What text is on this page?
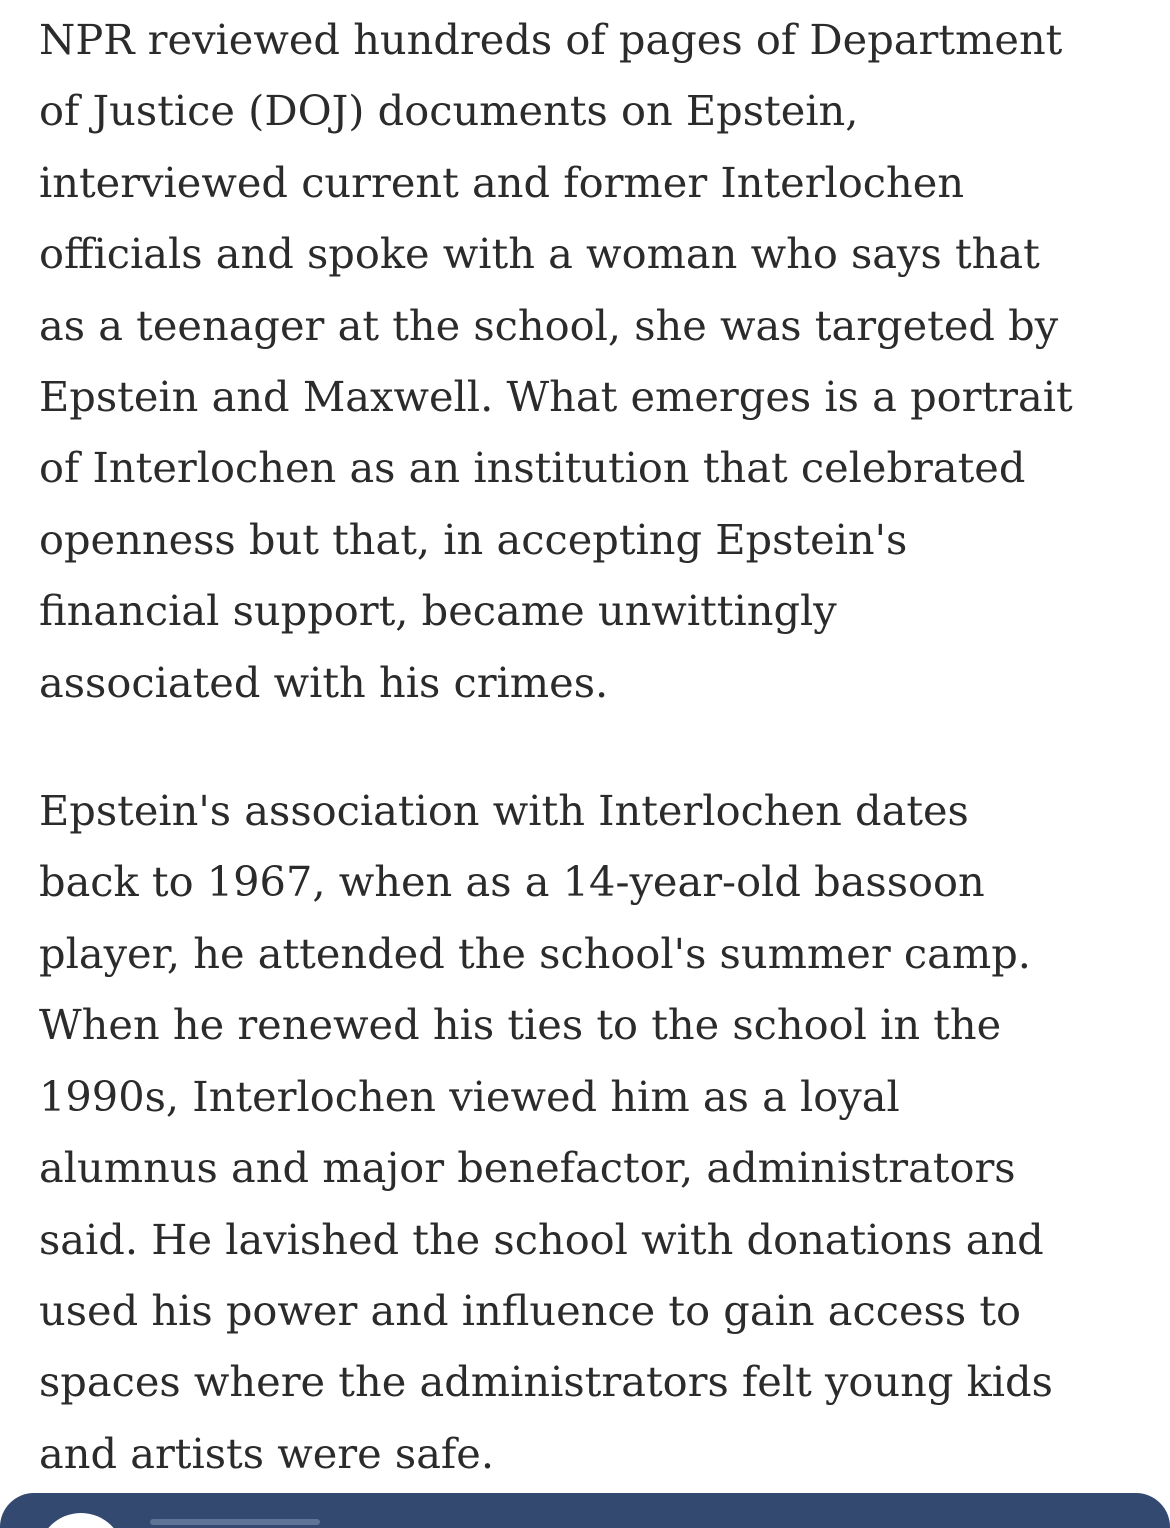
NPR reviewed hundreds of pages of Department
of Justice (DOJ) documents on Epstein,
interviewed current and former Interlochen
officials and spoke with a woman who says that
as a teenager at the school, she was targeted by
Epstein and Maxwell. What emerges is a portrait
of Interlochen as an institution that celebrated
openness but that, in accepting Epstein's
financial support, became unwittingly
associated with his crimes.

Epstein's association with Interlochen dates
back to 1967, when as a 14-year-old bassoon
player, he attended the school's summer camp.
When he renewed his ties to the school in the
1990s, Interlochen viewed him as a loyal
alumnus and major benefactor, administrators
said. He lavished the school with donations and
used his power and influence to gain access to
spaces where the administrators felt young kids
and artists were safe.
